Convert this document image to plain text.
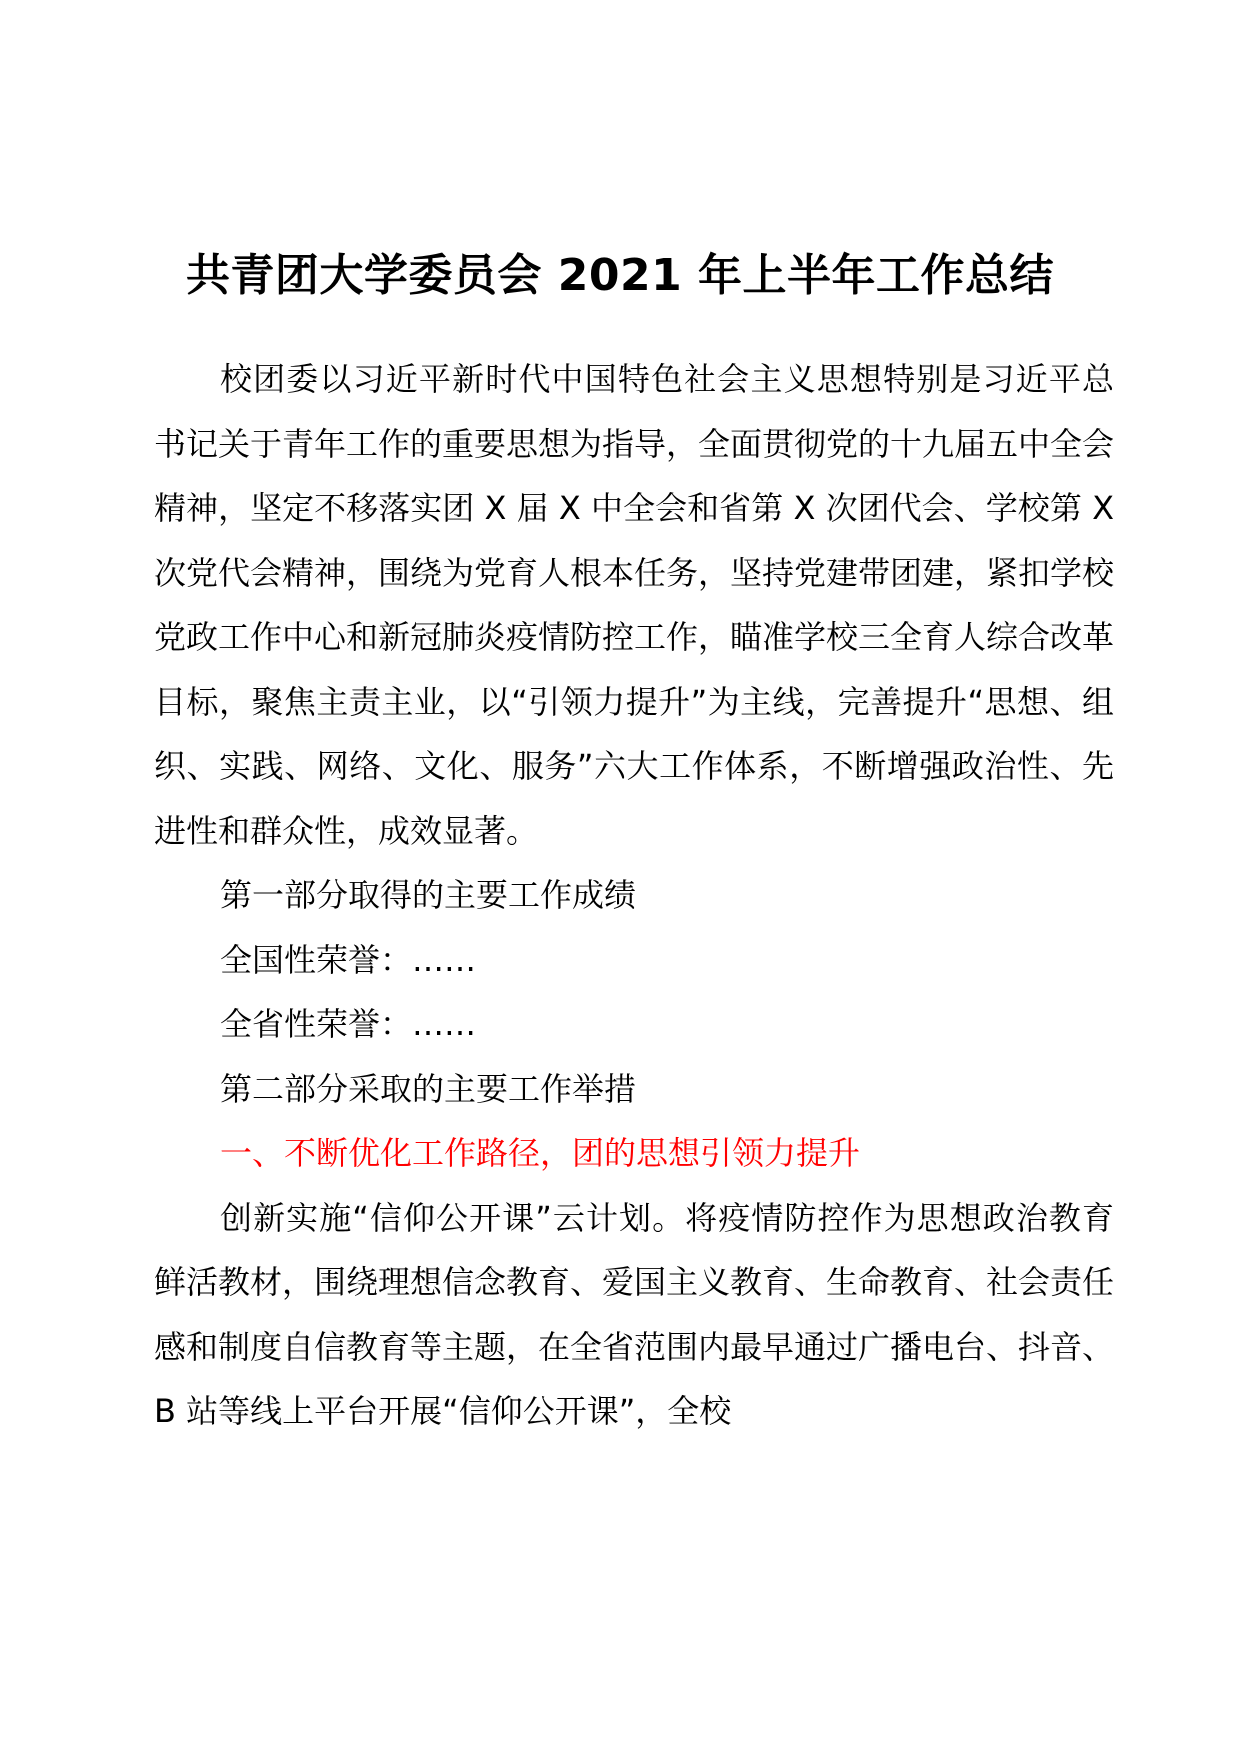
共青团大学委员会 2021 年上半年工作总结

校团委以习近平新时代中国特色社会主义思想特别是习近平总书记关于青年工作的重要思想为指导，全面贯彻党的十九届五中全会精神，坚定不移落实团 X 届 X 中全会和省第 X 次团代会、学校第 X 次党代会精神，围绕为党育人根本任务，坚持党建带团建，紧扣学校党政工作中心和新冠肺炎疫情防控工作，瞄准学校三全育人综合改革目标，聚焦主责主业，以“引领力提升”为主线，完善提升“思想、组织、实践、网络、文化、服务”六大工作体系，不断增强政治性、先进性和群众性，成效显著。

第一部分取得的主要工作成绩

全国性荣誉：……

全省性荣誉：……

第二部分采取的主要工作举措

一、不断优化工作路径，团的思想引领力提升

创新实施“信仰公开课”云计划。将疫情防控作为思想政治教育鲜活教材，围绕理想信念教育、爱国主义教育、生命教育、社会责任感和制度自信教育等主题，在全省范围内最早通过广播电台、抖音、B 站等线上平台开展“信仰公开课”，全校
